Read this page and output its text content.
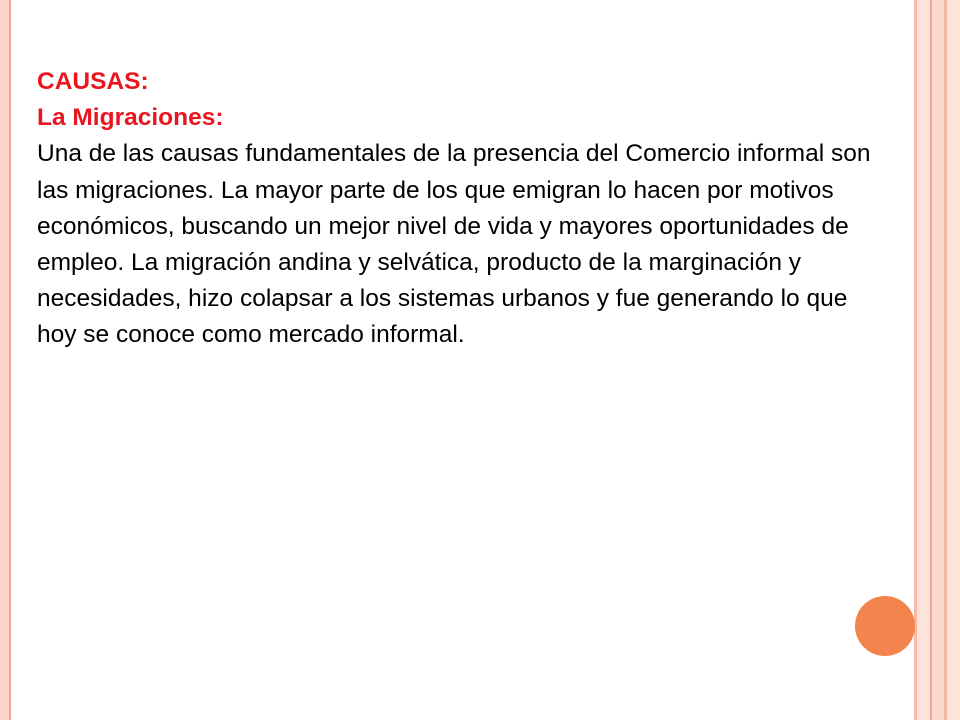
CAUSAS:
La Migraciones:
Una de las causas fundamentales de la presencia del Comercio informal son las migraciones. La mayor parte de los que emigran lo hacen por motivos económicos, buscando un mejor nivel de vida y mayores oportunidades de empleo. La migración andina y selvática, producto de la marginación y necesidades, hizo colapsar a los sistemas urbanos y fue generando lo que hoy se conoce como mercado informal.
